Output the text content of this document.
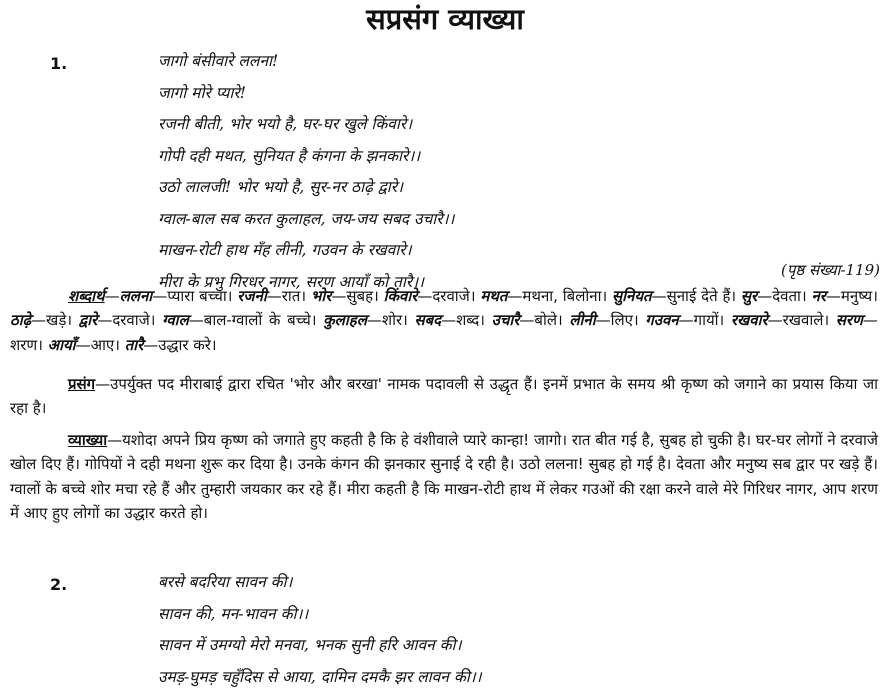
सप्रसंग व्याख्या
1.	जागो बंसीवारे ललना!
जागो मोरे प्यारे!
रजनी बीती, भोर भयो है, घर-घर खुले किंवारे।
गोपी दही मथत, सुनियत है कंगना के झनकारे।।
उठो लालजी! भोर भयो है, सुर-नर ठाढ़े द्वारे।
ग्वाल-बाल सब करत कुलाहल, जय-जय सबद उचारै।।
माखन-रोटी हाथ मँह लीनी, गउवन के रखवारे।
मीरा के प्रभु गिरधर नागर, सरण आयाँ को तारै।।
(पृष्ठ संख्या-119)

शब्दार्थ—ललना—प्यारा बच्चा। रजनी—रात। भोर—सुबह। किंवारे—दरवाजे। मथत—मथना, बिलोना। सुनियत—सुनाई देते हैं। सुर—देवता। नर—मनुष्य। ठाढ़े—खड़े। द्वारे—दरवाजे। ग्वाल—बाल-ग्वालों के बच्चे। कुलाहल—शोर। सबद—शब्द। उचारै—बोले। लीनी—लिए। गउवन—गायों। रखवारे—रखवाले। सरण—शरण। आयाँ—आए। तारै—उद्धार करे।

प्रसंग—उपर्युक्त पद मीराबाई द्वारा रचित 'भोर और बरखा' नामक पदावली से उद्धृत हैं। इनमें प्रभात के समय श्री कृष्ण को जगाने का प्रयास किया जा रहा है।

व्याख्या—यशोदा अपने प्रिय कृष्ण को जगाते हुए कहती है कि हे वंशीवाले प्यारे कान्हा! जागो। रात बीत गई है, सुबह हो चुकी है। घर-घर लोगों ने दरवाजे खोल दिए हैं। गोपियों ने दही मथना शुरू कर दिया है। उनके कंगन की झनकार सुनाई दे रही है। उठो ललना! सुबह हो गई है। देवता और मनुष्य सब द्वार पर खड़े हैं। ग्वालों के बच्चे शोर मचा रहे हैं और तुम्हारी जयकार कर रहे हैं। मीरा कहती है कि माखन-रोटी हाथ में लेकर गउओं की रक्षा करने वाले मेरे गिरिधर नागर, आप शरण में आए हुए लोगों का उद्धार करते हो।

2.	बरसे बदरिया सावन की।
सावन की, मन-भावन की।।
सावन में उमग्यो मेरो मनवा, भनक सुनी हरि आवन की।
उमड़-घुमड़ चहुँदिस से आया, दामिन दमकै झर लावन की।।
